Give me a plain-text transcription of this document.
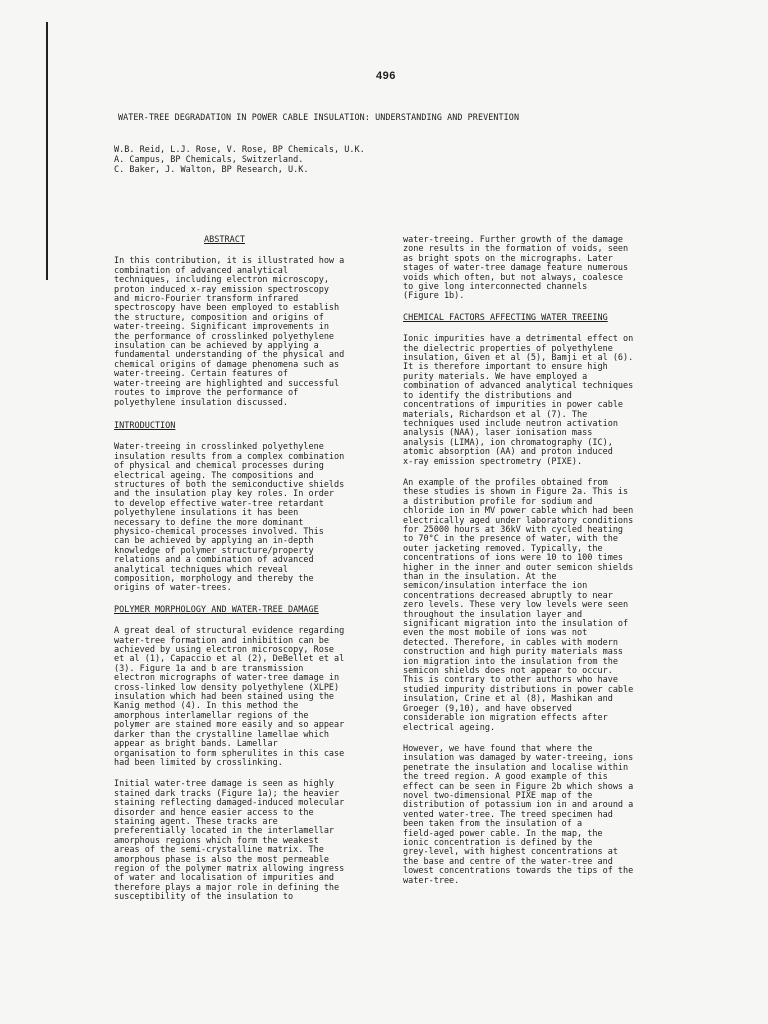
496
WATER-TREE DEGRADATION IN POWER CABLE INSULATION: UNDERSTANDING AND PREVENTION
W.B. Reid, L.J. Rose, V. Rose, BP Chemicals, U.K.
A. Campus, BP Chemicals, Switzerland.
C. Baker, J. Walton, BP Research, U.K.
ABSTRACT

In this contribution, it is illustrated how a
combination of advanced analytical
techniques, including electron microscopy,
proton induced x-ray emission spectroscopy
and micro-Fourier transform infrared
spectroscopy have been employed to establish
the structure, composition and origins of
water-treeing. Significant improvements in
the performance of crosslinked polyethylene
insulation can be achieved by applying a
fundamental understanding of the physical and
chemical origins of damage phenomena such as
water-treeing. Certain features of
water-treeing are highlighted and successful
routes to improve the performance of
polyethylene insulation discussed.

INTRODUCTION

Water-treeing in crosslinked polyethylene
insulation results from a complex combination
of physical and chemical processes during
electrical ageing. The compositions and
structures of both the semiconductive shields
and the insulation play key roles. In order
to develop effective water-tree retardant
polyethylene insulations it has been
necessary to define the more dominant
physico-chemical processes involved. This
can be achieved by applying an in-depth
knowledge of polymer structure/property
relations and a combination of advanced
analytical techniques which reveal
composition, morphology and thereby the
origins of water-trees.

POLYMER MORPHOLOGY AND WATER-TREE DAMAGE

A great deal of structural evidence regarding
water-tree formation and inhibition can be
achieved by using electron microscopy, Rose
et al (1), Capaccio et al (2), DeBellet et al
(3). Figure 1a and b are transmission
electron micrographs of water-tree damage in
cross-linked low density polyethylene (XLPE)
insulation which had been stained using the
Kanig method (4). In this method the
amorphous interlamellar regions of the
polymer are stained more easily and so appear
darker than the crystalline lamellae which
appear as bright bands. Lamellar
organisation to form spherulites in this case
had been limited by crosslinking.

Initial water-tree damage is seen as highly
stained dark tracks (Figure 1a); the heavier
staining reflecting damaged-induced molecular
disorder and hence easier access to the
staining agent. These tracks are
preferentially located in the interlamellar
amorphous regions which form the weakest
areas of the semi-crystalline matrix. The
amorphous phase is also the most permeable
region of the polymer matrix allowing ingress
of water and localisation of impurities and
therefore plays a major role in defining the
susceptibility of the insulation to

water-treeing. Further growth of the damage
zone results in the formation of voids, seen
as bright spots on the micrographs. Later
stages of water-tree damage feature numerous
voids which often, but not always, coalesce
to give long interconnected channels
(Figure 1b).

CHEMICAL FACTORS AFFECTING WATER TREEING

Ionic impurities have a detrimental effect on
the dielectric properties of polyethylene
insulation, Given et al (5), Bamji et al (6).
It is therefore important to ensure high
purity materials. We have employed a
combination of advanced analytical techniques
to identify the distributions and
concentrations of impurities in power cable
materials, Richardson et al (7). The
techniques used include neutron activation
analysis (NAA), laser ionisation mass
analysis (LIMA), ion chromatography (IC),
atomic absorption (AA) and proton induced
x-ray emission spectrometry (PIXE).

An example of the profiles obtained from
these studies is shown in Figure 2a. This is
a distribution profile for sodium and
chloride ion in MV power cable which had been
electrically aged under laboratory conditions
for 25000 hours at 36kV with cycled heating
to 70°C in the presence of water, with the
outer jacketing removed. Typically, the
concentrations of ions were 10 to 100 times
higher in the inner and outer semicon shields
than in the insulation. At the
semicon/insulation interface the ion
concentrations decreased abruptly to near
zero levels. These very low levels were seen
throughout the insulation layer and
significant migration into the insulation of
even the most mobile of ions was not
detected. Therefore, in cables with modern
construction and high purity materials mass
ion migration into the insulation from the
semicon shields does not appear to occur.
This is contrary to other authors who have
studied impurity distributions in power cable
insulation, Crine et al (8), Mashikan and
Groeger (9,10), and have observed
considerable ion migration effects after
electrical ageing.

However, we have found that where the
insulation was damaged by water-treeing, ions
penetrate the insulation and localise within
the treed region. A good example of this
effect can be seen in Figure 2b which shows a
novel two-dimensional PIXE map of the
distribution of potassium ion in and around a
vented water-tree. The treed specimen had
been taken from the insulation of a
field-aged power cable. In the map, the
ionic concentration is defined by the
grey-level, with highest concentrations at
the base and centre of the water-tree and
lowest concentrations towards the tips of the
water-tree.
